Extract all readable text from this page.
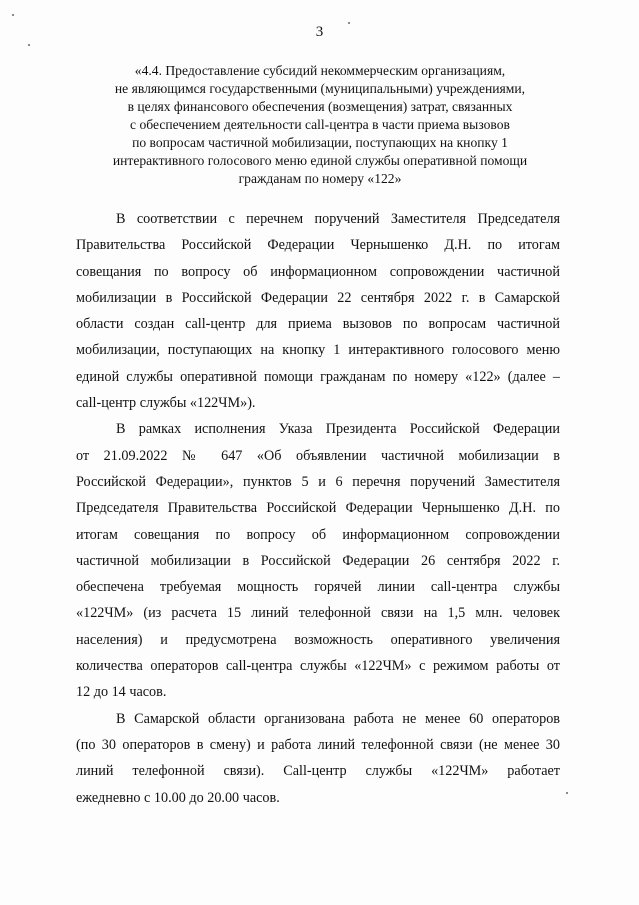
3
«4.4. Предоставление субсидий некоммерческим организациям,
не являющимся государственными (муниципальными) учреждениями,
в целях финансового обеспечения (возмещения) затрат, связанных
с обеспечением деятельности call-центра в части приема вызовов
по вопросам частичной мобилизации, поступающих на кнопку 1
интерактивного голосового меню единой службы оперативной помощи
гражданам по номеру «122»
В соответствии с перечнем поручений Заместителя Председателя
Правительства Российской Федерации Чернышенко Д.Н. по итогам
совещания по вопросу об информационном сопровождении частичной
мобилизации в Российской Федерации 22 сентября 2022 г. в Самарской
области создан call-центр для приема вызовов по вопросам частичной
мобилизации, поступающих на кнопку 1 интерактивного голосового меню
единой службы оперативной помощи гражданам по номеру «122» (далее –
call-центр службы «122ЧМ»).
В рамках исполнения Указа Президента Российской Федерации
от 21.09.2022 № 647 «Об объявлении частичной мобилизации в
Российской Федерации», пунктов 5 и 6 перечня поручений Заместителя
Председателя Правительства Российской Федерации Чернышенко Д.Н. по
итогам совещания по вопросу об информационном сопровождении
частичной мобилизации в Российской Федерации 26 сентября 2022 г.
обеспечена требуемая мощность горячей линии call-центра службы
«122ЧМ» (из расчета 15 линий телефонной связи на 1,5 млн. человек
населения) и предусмотрена возможность оперативного увеличения
количества операторов call-центра службы «122ЧМ» с режимом работы от
12 до 14 часов.
В Самарской области организована работа не менее 60 операторов
(по 30 операторов в смену) и работа линий телефонной связи (не менее 30
линий телефонной связи). Call-центр службы «122ЧМ» работает
ежедневно с 10.00 до 20.00 часов.
